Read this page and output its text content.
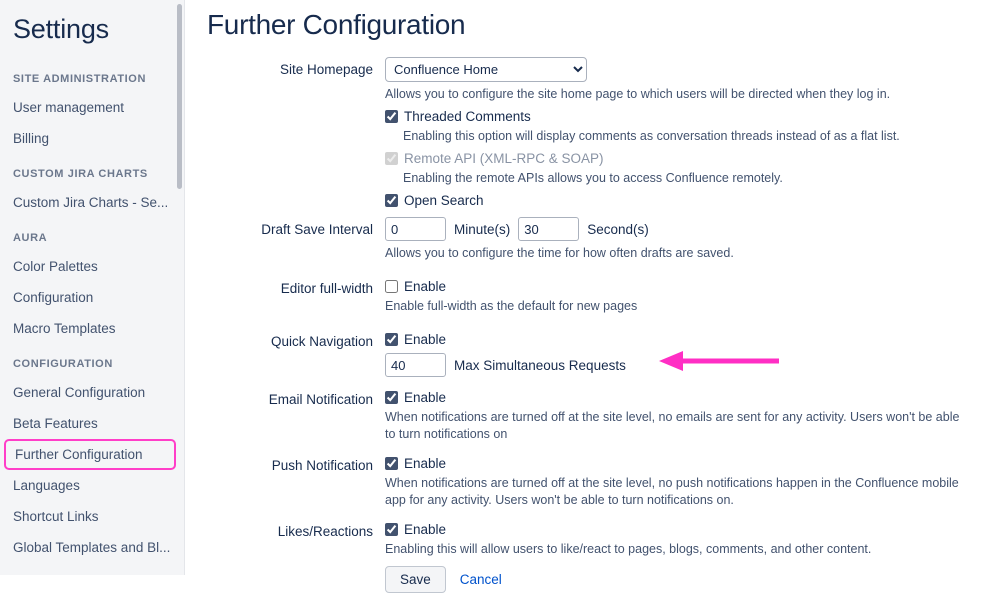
Settings
SITE ADMINISTRATION
User management
Billing
CUSTOM JIRA CHARTS
Custom Jira Charts - Se...
AURA
Color Palettes
Configuration
Macro Templates
CONFIGURATION
General Configuration
Beta Features
Further Configuration
Languages
Shortcut Links
Global Templates and Bl...
Further Configuration
Site Homepage
Confluence Home
Allows you to configure the site home page to which users will be directed when they log in.
Threaded Comments
Enabling this option will display comments as conversation threads instead of as a flat list.
Remote API (XML-RPC & SOAP)
Enabling the remote APIs allows you to access Confluence remotely.
Open Search
Draft Save Interval
0	Minute(s)
30	Second(s)
Allows you to configure the time for how often drafts are saved.
Editor full-width	Enable
Enable full-width as the default for new pages
Quick Navigation	Enable
40
Max Simultaneous Requests
Email Notification	Enable
When notifications are turned off at the site level, no emails are sent for any activity. Users won't be able to turn notifications on
Push Notification	Enable
When notifications are turned off at the site level, no push notifications happen in the Confluence mobile app for any activity. Users won't be able to turn notifications on.
Likes/Reactions	Enable
Enabling this will allow users to like/react to pages, blogs, comments, and other content.
Save	Cancel
